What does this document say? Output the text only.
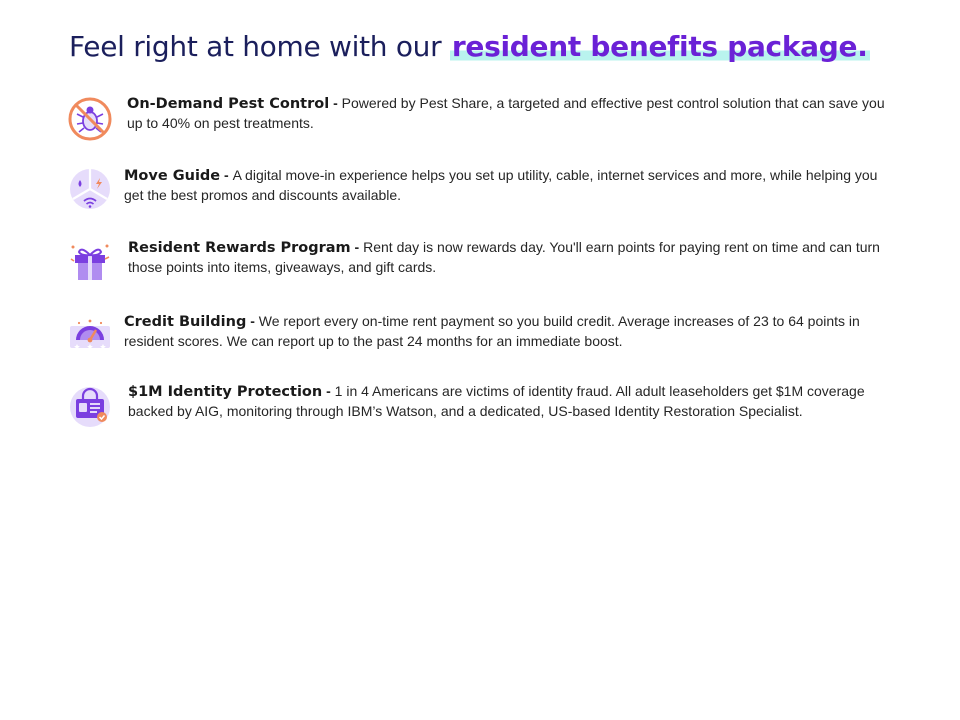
Feel right at home with our resident benefits package.
On-Demand Pest Control - Powered by Pest Share, a targeted and effective pest control solution that can save you up to 40% on pest treatments.
Move Guide - A digital move-in experience helps you set up utility, cable, internet services and more, while helping you get the best promos and discounts available.
Resident Rewards Program - Rent day is now rewards day. You'll earn points for paying rent on time and can turn those points into items, giveaways, and gift cards.
Credit Building - We report every on-time rent payment so you build credit. Average increases of 23 to 64 points in resident scores. We can report up to the past 24 months for an immediate boost.
$1M Identity Protection - 1 in 4 Americans are victims of identity fraud. All adult leaseholders get $1M coverage backed by AIG, monitoring through IBM’s Watson, and a dedicated, US-based Identity Restoration Specialist.
